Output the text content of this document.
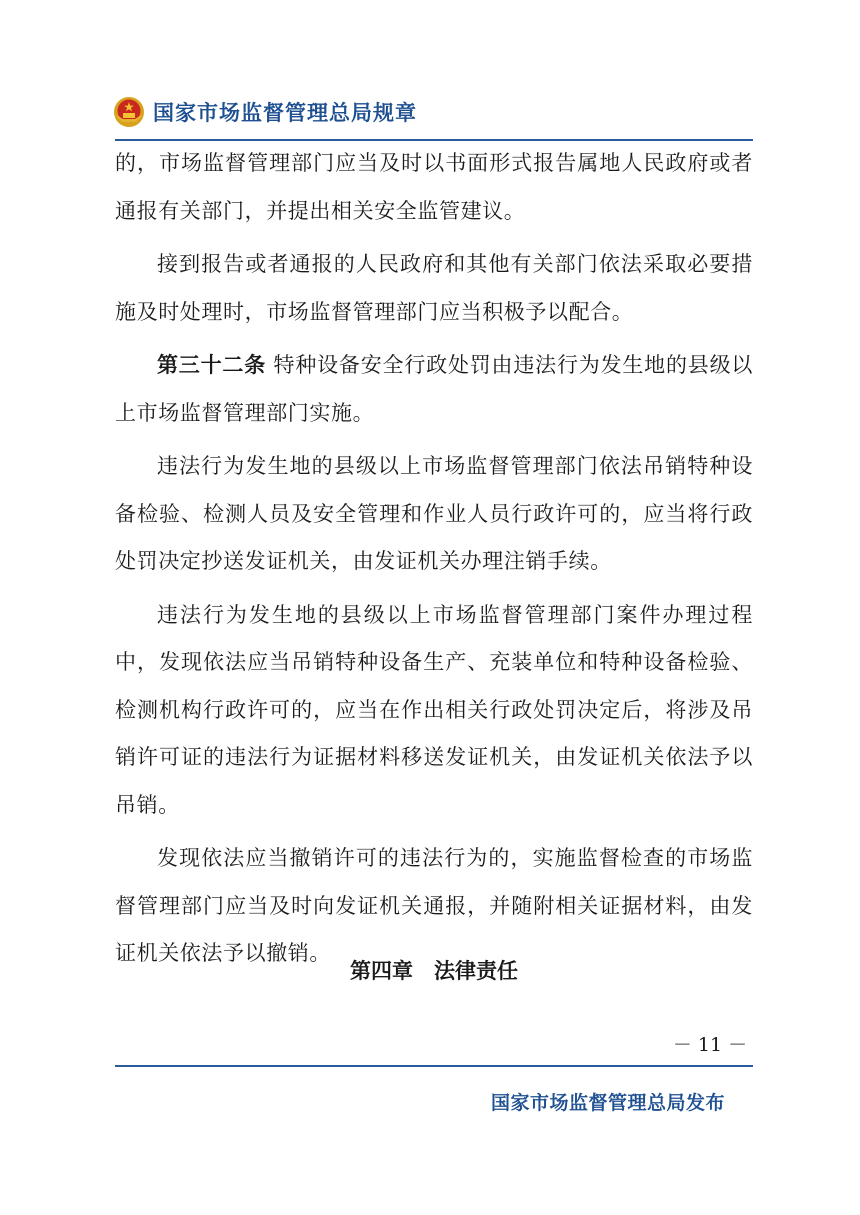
国家市场监督管理总局规章

的，市场监督管理部门应当及时以书面形式报告属地人民政府或者通报有关部门，并提出相关安全监管建议。

接到报告或者通报的人民政府和其他有关部门依法采取必要措施及时处理时，市场监督管理部门应当积极予以配合。

第三十二条 特种设备安全行政处罚由违法行为发生地的县级以上市场监督管理部门实施。

违法行为发生地的县级以上市场监督管理部门依法吊销特种设备检验、检测人员及安全管理和作业人员行政许可的，应当将行政处罚决定抄送发证机关，由发证机关办理注销手续。

违法行为发生地的县级以上市场监督管理部门案件办理过程中，发现依法应当吊销特种设备生产、充装单位和特种设备检验、检测机构行政许可的，应当在作出相关行政处罚决定后，将涉及吊销许可证的违法行为证据材料移送发证机关，由发证机关依法予以吊销。

发现依法应当撤销许可的违法行为的，实施监督检查的市场监督管理部门应当及时向发证机关通报，并随附相关证据材料，由发证机关依法予以撤销。

第四章　法律责任
－ 11 －
国家市场监督管理总局发布
